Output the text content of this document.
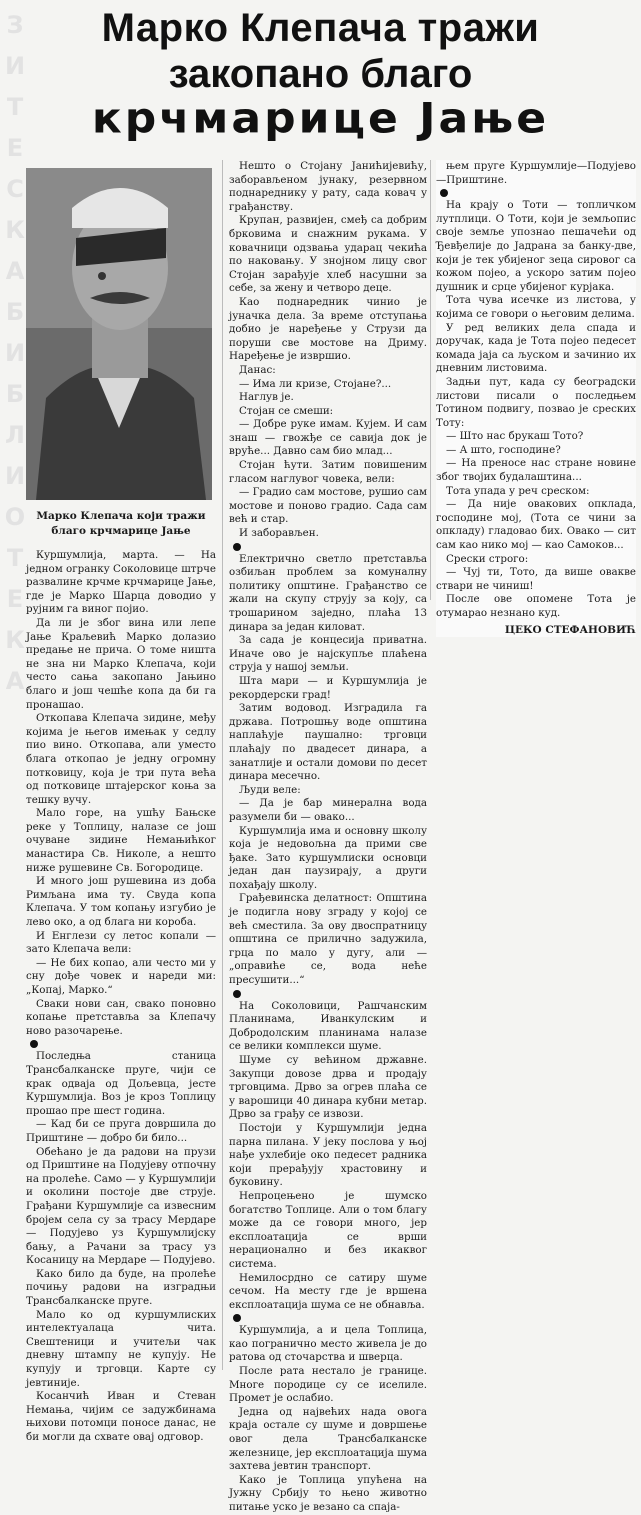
З
И
Т
Е
С
К
А
Б
И
Б
Л
И
О
Т
Е
К
А
Марко Клепача тражи
закопано благо
крчмарице Јање
Марко Клепача који тражи благо крчмарице Јање

Куршумлија, марта. — На једном огранку Соколовице штрче развалине крчме крчмарице Јање, где је Марко Шарца доводио у рујним га виног појио.

Да ли је због вина или лепе Јање Краљевић Марко долазио предање не прича. О томе ништа не зна ни Марко Клепача, који често сања закопано Јањино благо и још чешће копа да би га пронашао.

Откопава Клепача зидине, међу којима је његов имењак у седлу пио вино. Откопава, али уместо блага откопао је једну огромну потковицу, која је три пута већа од потковице штајерског коња за тешку вучу.

Мало горе, на ушћу Бањске реке у Топлицу, налазе се још очуване зидине Немањићког манастира Св. Николе, а нешто ниже рушевине Св. Богородице.

И много још рушевина из доба Римљана има ту. Свуда копа Клепача. У том копању изгубио је лево око, а од блага ни короба.

И Енглези су летос копали — зато Клепача вели:

— Не бих копао, али често ми у сну дође човек и нареди ми: „Копај, Марко.“

Сваки нови сан, свако поновно копање претставља за Клепачу ново разочарење.

Последња станица Трансбалканске пруге, чији се крак одваја од Дољевца, јесте Куршумлија. Воз је кроз Топлицу прошао пре шест година.

— Кад би се пруга довршила до Приштине — добро би било...

Обећано је да радови на прузи од Приштине на Подујеву отпочну на пролеће. Само — у Куршумлији и околини постоје две струје. Грађани Куршумлије са извесним бројем села су за трасу Мердаре — Подујево уз Куршумлијску бању, а Рачани за трасу уз Косаницу на Мердаре — Подујево.

Како било да буде, на пролеће почињу радови на изградњи Трансбалканске пруге.

Мало ко од куршумлиских интелектуалаца чита. Свештеници и учитељи чак дневну штампу не купују. Не купују и трговци. Карте су јевтиније.

Косанчић Иван и Стеван Немања, чијим се задужбинама њихови потомци поносе данас, не би могли да схвате овај одговор.

Нешто о Стојану Јанићијевићу, заборављеном јунаку, резервном поднареднику у рату, сада ковач у грађанству.

Крупан, развијен, смеђ са добрим брковима и снажним рукама. У ковачници одзвања ударац чекића по наковању. У знојном лицу свог Стојан зарађује хлеб насушни за себе, за жену и четворо деце.

Као поднаредник чинио је јуначка дела. За време отступања добио је наређење у Струзи да поруши све мостове на Дриму. Наређење је извршио.

Данас:

— Има ли кризе, Стојане?...

Наглув је.

Стојан се смеши:

— Добре руке имам. Кујем. И сам знаш — гвожђе се савија док је вруће... Давно сам био млад...

Стојан ћути. Затим повишеним гласом наглувог човека, вели:

— Градио сам мостове, рушио сам мостове и поново градио. Сада сам већ и стар.

И заборављен.

Електрично светло претставља озбиљан проблем за комуналну политику општине. Грађанство се жали на скупу струју за коју, сa трошарином заједно, плаћа 13 динара за један киловат.

За сада је концесија приватна. Иначе ово је најскупље плаћена струја у нашој земљи.

Шта мари — и Куршумлија је рекордерски град!

Затим водовод. Изградила га држава. Потрошњу воде општина наплаћује паушално: трговци плаћају по двадесет динара, а занатлије и остали домови по десет динара месечно.

Људи веле:

— Да је бар минерална вода разумели би — овако...

Куршумлија има и основну школу која је недовољна да прими све ђаке. Зато куршумлиски основци један дан паузирају, а други похађају школу.

Грађевинска делатност: Општина је подигла нову зграду у којој се већ сместила. За ову двоспратницу општина се прилично задужила, грца по мало у дугу, али — „оправиће се, вода неће пресушити...“

На Соколовици, Рашчанским Планинама, Иванкулским и Добродолским планинама налазе се велики комплекси шуме.

Шуме су већином државне. Закупци довозе дрва и продају трговцима. Дрво за огрев плаћа се у варошици 40 динара кубни метар. Дрво за грађу се извози.

Постоји у Куршумлији једна парна пилана. У јеку послова у њој нађе ухлебије око педесет радника који прерађују храстовину и буковину.

Непроцењено је шумско богатство Топлице. Али о том благу може да се говори много, јер експлоатација се врши нерационално и без икаквог система.

Немилосрдно се сатиру шуме сечом. На месту где је вршена експлоатација шума се не обнавља.

Куршумлија, а и цела Топлица, као погранично место живела је до ратова од сточарства и шверца.

После рата нестало је границе. Многе породице су се иселиле. Промет је ослабио.

Једна од највећих нада овога краја остале су шуме и довршење овог дела Трансбалканске железнице, јер експлоатација шума захтева јевтин транспорт.

Како је Топлица упућена на Јужну Србију то њено животно питање уско је везано са спаја-

њем пруге Куршумлије—Подујево—Приштине.

На крају о Тоти — топличком лутплици. О Тоти, који је земљопис своје земље упознао пешачећи од Ђевђелије до Јадрана за банку-две, који је тек убијеног зеца сировог са кожом појео, а ускоро затим појео душник и срце убијеног курјака.

Тота чува исечке из листова, у којима се говори о његовим делима.

У ред великих дела спада и доручак, када је Тота појео педесет комада јаја са љуском и зачинио их дневним листовима.

Задњи пут, када су београдски листови писали о последњем Тотином подвигу, позвао је среских Тоту:

— Што нас брукаш Тото?

— А што, господине?

— На преносе нас стране новине због твојих будалаштина...

Тота упада у реч среском:

— Да није овакових опклада, господине мој, (Тота се чини за опкладу) гладовао бих. Овако — сит сам као нико мој — као Самоков...

Срески строго:

— Чуј ти, Тото, да више овакве ствари не чиниш!

После ове опомене Тота је отумарао незнано куд.

ЦЕКО СТЕФАНОВИЋ
